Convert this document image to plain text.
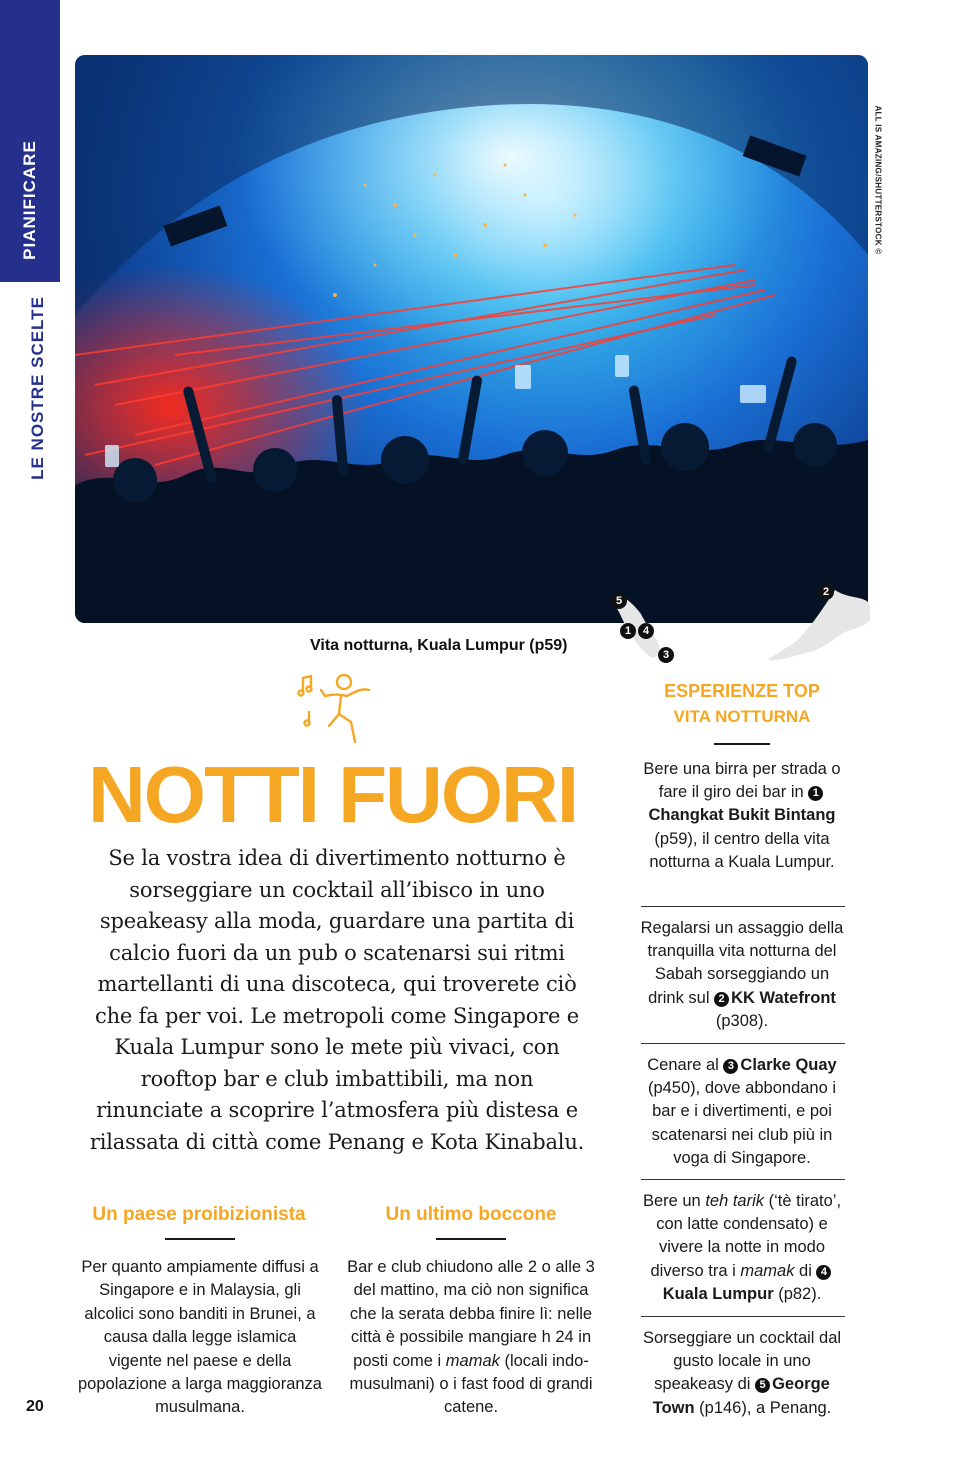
PIANIFICARE
LE NOSTRE SCELTE
ALL IS AMAZING/SHUTTERSTOCK ©
5
2
1	4
3
Vita notturna, Kuala Lumpur (p59)
NOTTI FUORI
Se la vostra idea di divertimento notturno è sorseggiare un cocktail all’ibisco in uno speakeasy alla moda, guardare una partita di calcio fuori da un pub o scatenarsi sui ritmi martellanti di una discoteca, qui troverete ciò che fa per voi. Le metropoli come Singapore e Kuala Lumpur sono le mete più vivaci, con rooftop bar e club imbattibili, ma non rinunciate a scoprire l’atmosfera più distesa e rilassata di città come Penang e Kota Kinabalu.
Un paese proibizionista
Per quanto ampiamente diffusi a Singapore e in Malaysia, gli alcolici sono banditi in Brunei, a causa dalla legge islamica vigente nel paese e della popolazione a larga maggioranza musulmana.
Un ultimo boccone
Bar e club chiudono alle 2 o alle 3 del mattino, ma ciò non significa che la serata debba finire lì: nelle città è possibile mangiare h 24 in posti come i mamak (locali indo-musulmani) o i fast food di grandi catene.
20
ESPERIENZE TOP
VITA NOTTURNA
Bere una birra per strada o fare il giro dei bar in 1Changkat Bukit Bintang (p59), il centro della vita notturna a Kuala Lumpur.
Regalarsi un assaggio della tranquilla vita notturna del Sabah sorseggiando un drink sul 2 KK Watefront (p308).
Cenare al 3 Clarke Quay (p450), dove abbondano i bar e i divertimenti, e poi scatenarsi nei club più in voga di Singapore.
Bere un teh tarik (‘tè tirato’, con latte condensato) e vivere la notte in modo diverso tra i mamak di 4Kuala Lumpur (p82).
Sorseggiare un cocktail dal gusto locale in uno speakeasy di 5 George Town (p146), a Penang.
